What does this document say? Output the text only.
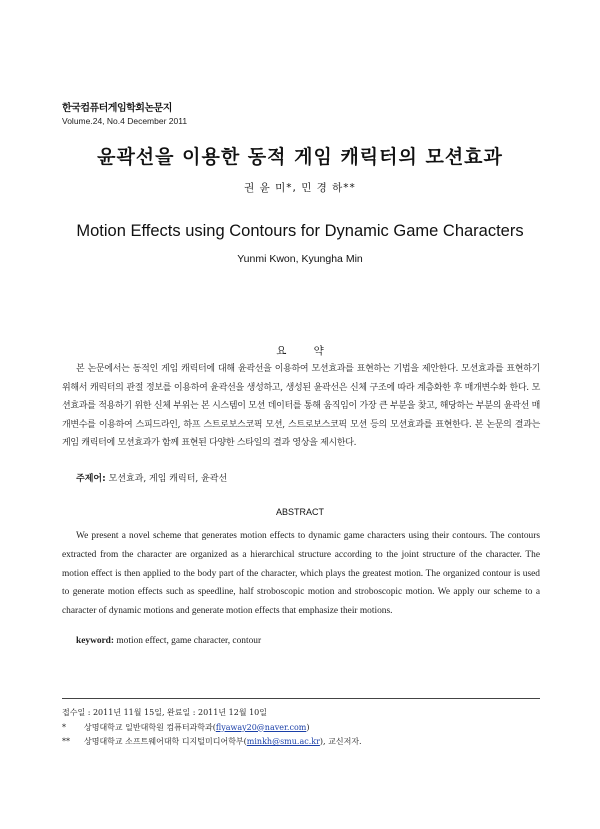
한국컴퓨터게임학회논문지
Volume.24, No.4 December 2011
윤곽선을 이용한 동적 게임 캐릭터의 모션효과
권 윤 미*, 민 경 하**
Motion Effects using Contours for Dynamic Game Characters
Yunmi Kwon, Kyungha Min
요 약
본 논문에서는 동적인 게임 캐릭터에 대해 윤곽선을 이용하여 모션효과를 표현하는 기법을 제안한다. 모션효과를 표현하기 위해서 캐릭터의 관절 정보를 이용하여 윤곽선을 생성하고, 생성된 윤곽선은 신체 구조에 따라 계층화한 후 매개변수화 한다. 모션효과를 적용하기 위한 신체 부위는 본 시스템이 모션 데이터를 통해 움직임이 가장 큰 부분을 찾고, 해당하는 부분의 윤곽선 매개변수를 이용하여 스피드라인, 하프 스트로보스코픽 모션, 스트로보스코픽 모션 등의 모션효과를 표현한다. 본 논문의 결과는 게임 캐릭터에 모션효과가 함께 표현된 다양한 스타일의 결과 영상을 제시한다.
주제어: 모션효과, 게임 캐릭터, 윤곽선
ABSTRACT
We present a novel scheme that generates motion effects to dynamic game characters using their contours. The contours extracted from the character are organized as a hierarchical structure according to the joint structure of the character. The motion effect is then applied to the body part of the character, which plays the greatest motion. The organized contour is used to generate motion effects such as speedline, half stroboscopic motion and stroboscopic motion. We apply our scheme to a character of dynamic motions and generate motion effects that emphasize their motions.
keyword: motion effect, game character, contour
접수일 : 2011년 11월 15일, 완료일 : 2011년 12월 10일
* 상명대학교 일반대학원 컴퓨터과학과(flyaway20@naver.com)
** 상명대학교 소프트웨어대학 디지털미디어학부(minkh@smu.ac.kr), 교신저자.
